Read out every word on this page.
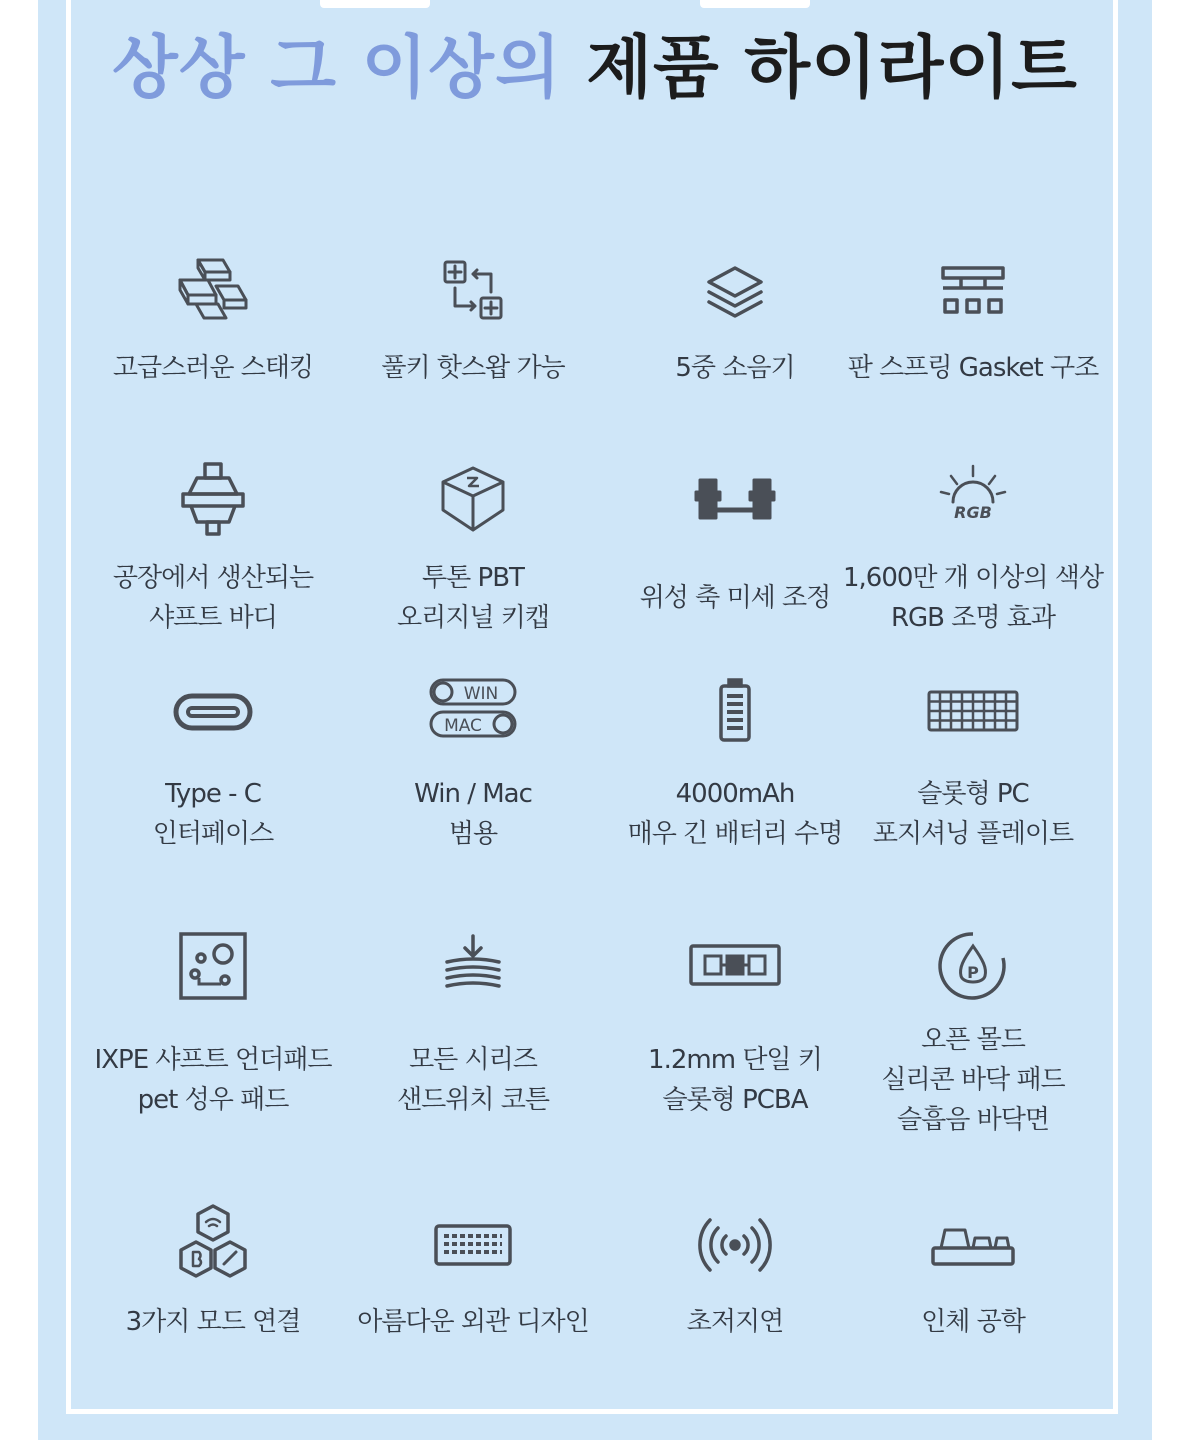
상상 그 이상의 제품 하이라이트
고급스러운 스태킹	풀키 핫스왑 가능	5중 소음기	판 스프링 Gasket 구조
공장에서 생산되는
샤프트 바디
투톤 PBT
오리지널 키캡
위성 축 미세 조정
RGB
1,600만 개 이상의 색상
RGB 조명 효과
Type - C
인터페이스
WIN
MAC
Win / Mac
범용
4000mAh
매우 긴 배터리 수명
슬롯형 PC
포지셔닝 플레이트
IXPE 샤프트 언더패드
pet 성우 패드
모든 시리즈
샌드위치 코튼
1.2mm 단일 키
슬롯형 PCBA
P
오픈 몰드
실리콘 바닥 패드
슬흡음 바닥면
3가지 모드 연결	아름다운 외관 디자인	초저지연	인체 공학
